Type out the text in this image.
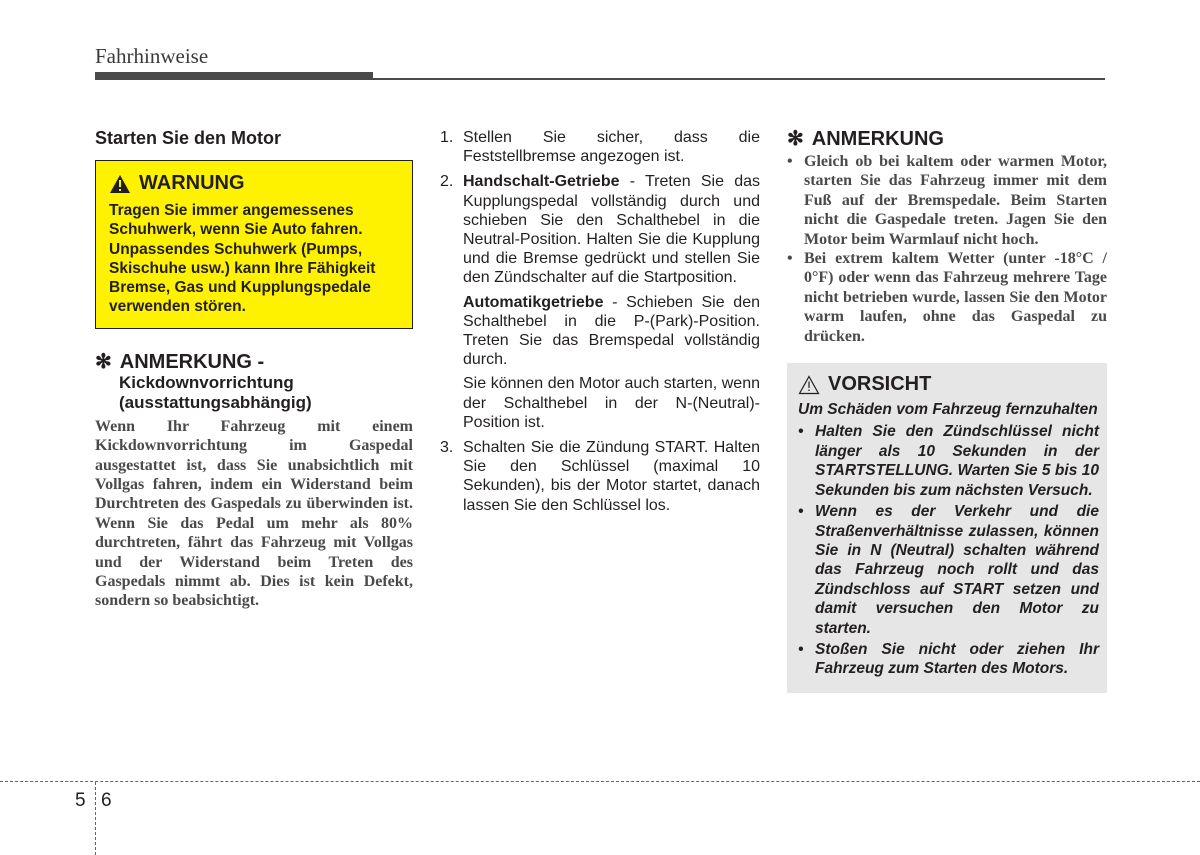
Fahrhinweise
Starten Sie den Motor
WARNUNG
Tragen Sie immer angemessenes Schuhwerk, wenn Sie Auto fahren. Unpassendes Schuhwerk (Pumps, Skischuhe usw.) kann Ihre Fähigkeit Bremse, Gas und Kupplungspedale verwenden stören.
✻ ANMERKUNG -
Kickdownvorrichtung
(ausstattungsabhängig)
Wenn Ihr Fahrzeug mit einem Kickdownvorrichtung im Gaspedal ausgestattet ist, dass Sie unabsichtlich mit Vollgas fahren, indem ein Widerstand beim Durchtreten des Gaspedals zu überwinden ist. Wenn Sie das Pedal um mehr als 80% durchtreten, fährt das Fahrzeug mit Vollgas und der Widerstand beim Treten des Gaspedals nimmt ab. Dies ist kein Defekt, sondern so beabsichtigt.
1. Stellen Sie sicher, dass die Feststellbremse angezogen ist.

2. Handschalt-Getriebe - Treten Sie das Kupplungspedal vollständig durch und schieben Sie den Schalthebel in die Neutral-Position. Halten Sie die Kupplung und die Bremse gedrückt und stellen Sie den Zündschalter auf die Startposition.

Automatikgetriebe - Schieben Sie den Schalthebel in die P-(Park)-Position. Treten Sie das Bremspedal vollständig durch.

Sie können den Motor auch starten, wenn der Schalthebel in der N-(Neutral)-Position ist.

3. Schalten Sie die Zündung START. Halten Sie den Schlüssel (maximal 10 Sekunden), bis der Motor startet, danach lassen Sie den Schlüssel los.

✻ ANMERKUNG
• Gleich ob bei kaltem oder warmen Motor, starten Sie das Fahrzeug immer mit dem Fuß auf der Bremspedale. Beim Starten nicht die Gaspedale treten. Jagen Sie den Motor beim Warmlauf nicht hoch.
• Bei extrem kaltem Wetter (unter -18°C / 0°F) oder wenn das Fahrzeug mehrere Tage nicht betrieben wurde, lassen Sie den Motor warm laufen, ohne das Gaspedal zu drücken.
VORSICHT
Um Schäden vom Fahrzeug fernzuhalten
• Halten Sie den Zündschlüssel nicht länger als 10 Sekunden in der STARTSTELLUNG. Warten Sie 5 bis 10 Sekunden bis zum nächsten Versuch.
• Wenn es der Verkehr und die Straßenverhältnisse zulassen, können Sie in N (Neutral) schalten während das Fahrzeug noch rollt und das Zündschloss auf START setzen und damit versuchen den Motor zu starten.
• Stoßen Sie nicht oder ziehen Ihr Fahrzeug zum Starten des Motors.
5 6
